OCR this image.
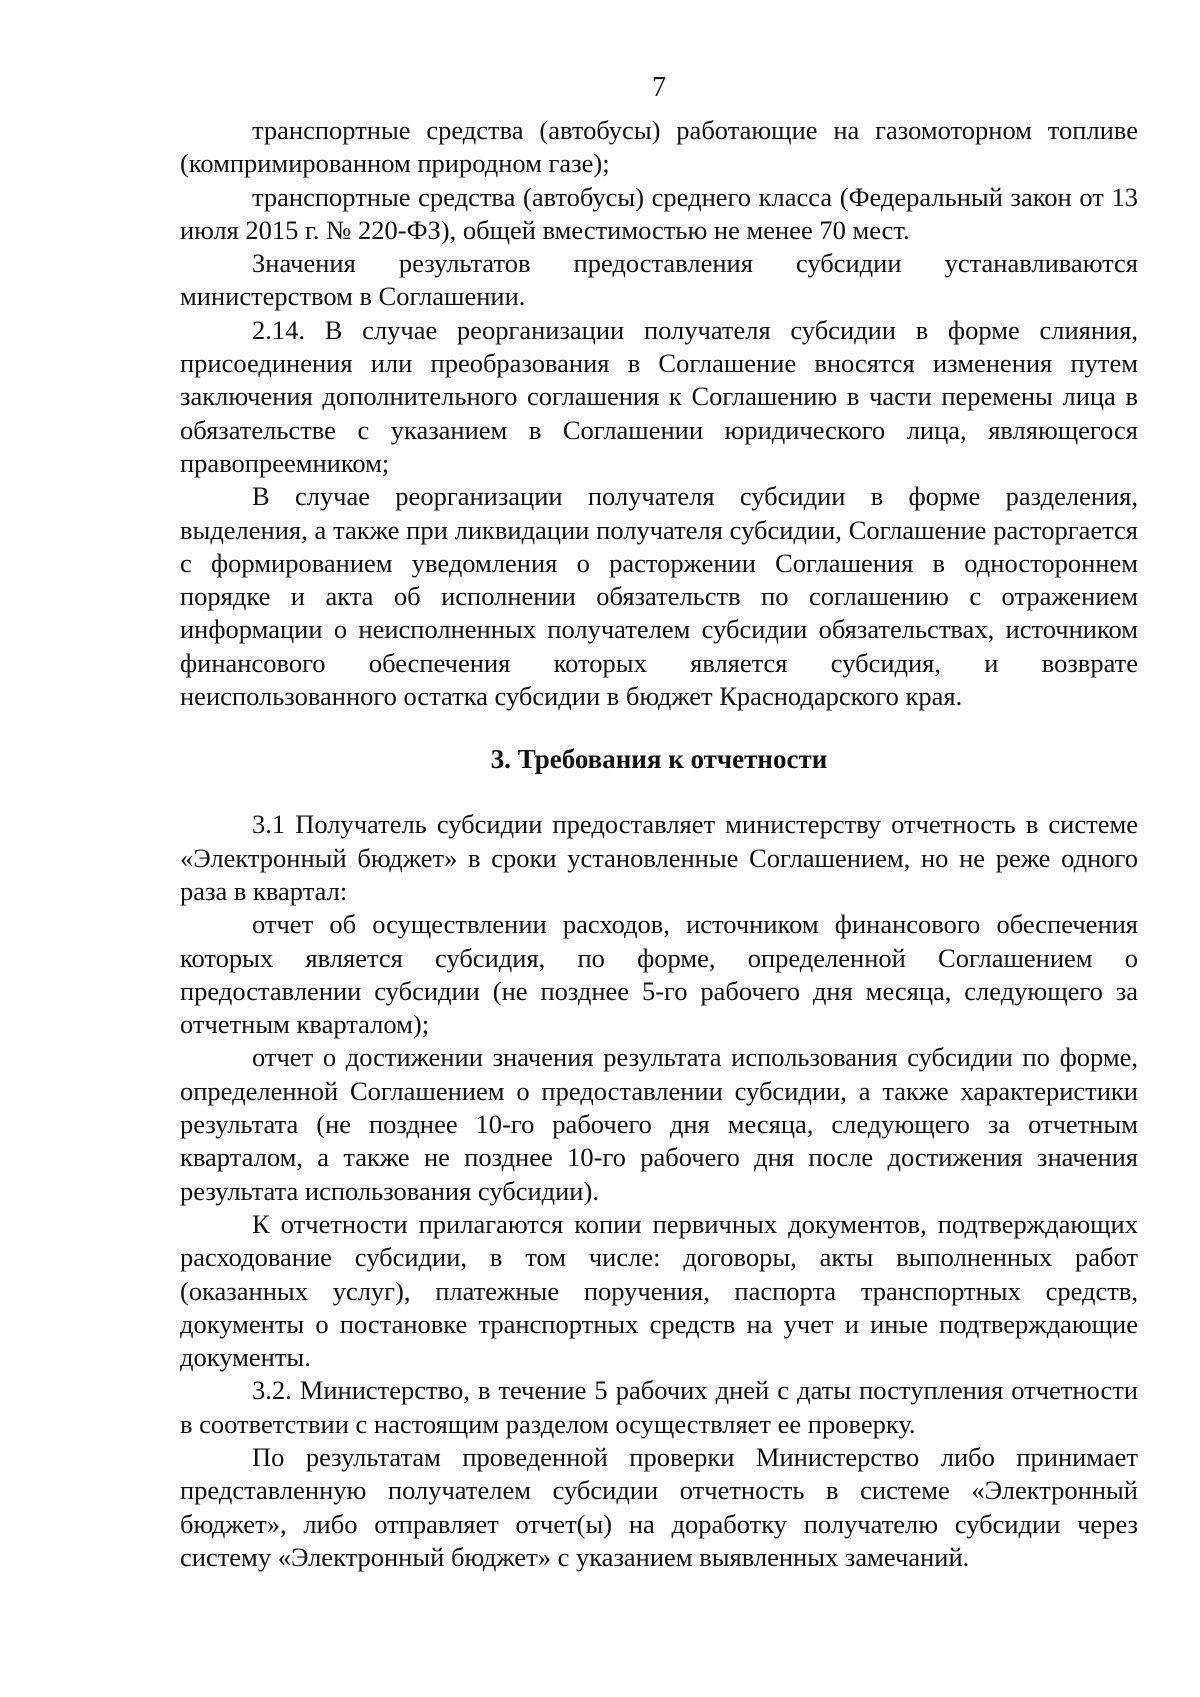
7

транспортные средства (автобусы) работающие на газомоторном топливе (компримированном природном газе);

транспортные средства (автобусы) среднего класса (Федеральный закон от 13 июля 2015 г. № 220-ФЗ), общей вместимостью не менее 70 мест.

Значения результатов предоставления субсидии устанавливаются министерством в Соглашении.

2.14. В случае реорганизации получателя субсидии в форме слияния, присоединения или преобразования в Соглашение вносятся изменения путем заключения дополнительного соглашения к Соглашению в части перемены лица в обязательстве с указанием в Соглашении юридического лица, являющегося правопреемником;

В случае реорганизации получателя субсидии в форме разделения, выделения, а также при ликвидации получателя субсидии, Соглашение расторгается с формированием уведомления о расторжении Соглашения в одностороннем порядке и акта об исполнении обязательств по соглашению с отражением информации о неисполненных получателем субсидии обязательствах, источником финансового обеспечения которых является субсидия, и возврате неиспользованного остатка субсидии в бюджет Краснодарского края.

3. Требования к отчетности

3.1 Получатель субсидии предоставляет министерству отчетность в системе «Электронный бюджет» в сроки установленные Соглашением, но не реже одного раза в квартал:

отчет об осуществлении расходов, источником финансового обеспечения которых является субсидия, по форме, определенной Соглашением о предоставлении субсидии (не позднее 5-го рабочего дня месяца, следующего за отчетным кварталом);

отчет о достижении значения результата использования субсидии по форме, определенной Соглашением о предоставлении субсидии, а также характеристики результата (не позднее 10-го рабочего дня месяца, следующего за отчетным кварталом, а также не позднее 10-го рабочего дня после достижения значения результата использования субсидии).

К отчетности прилагаются копии первичных документов, подтверждающих расходование субсидии, в том числе: договоры, акты выполненных работ (оказанных услуг), платежные поручения, паспорта транспортных средств, документы о постановке транспортных средств на учет и иные подтверждающие документы.

3.2. Министерство, в течение 5 рабочих дней с даты поступления отчетности в соответствии с настоящим разделом осуществляет ее проверку.

По результатам проведенной проверки Министерство либо принимает представленную получателем субсидии отчетность в системе «Электронный бюджет», либо отправляет отчет(ы) на доработку получателю субсидии через систему «Электронный бюджет» с указанием выявленных замечаний.
